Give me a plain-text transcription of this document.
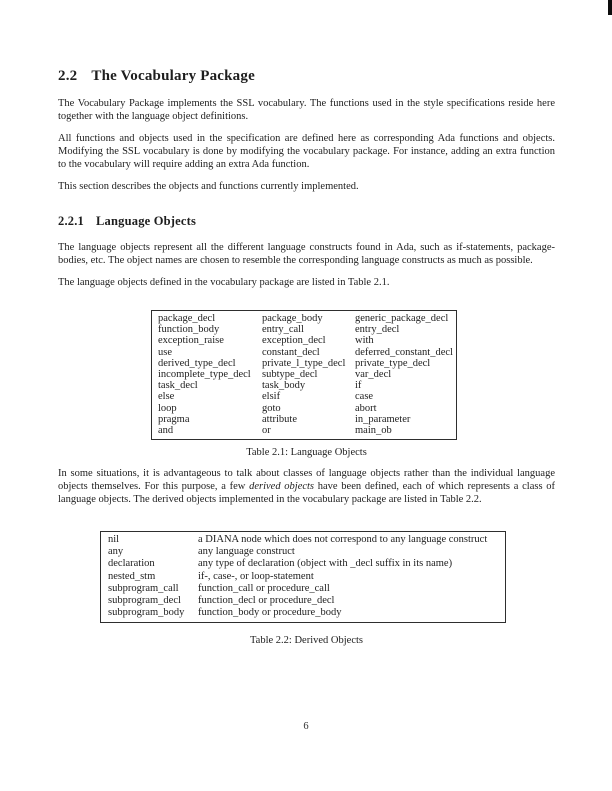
2.2 The Vocabulary Package

The Vocabulary Package implements the SSL vocabulary. The functions used in the style specifications reside here together with the language object definitions.

All functions and objects used in the specification are defined here as corresponding Ada functions and objects. Modifying the SSL vocabulary is done by modifying the vocabulary package. For instance, adding an extra function to the vocabulary will require adding an extra Ada function.

This section describes the objects and functions currently implemented.

2.2.1 Language Objects

The language objects represent all the different language constructs found in Ada, such as if-statements, package-bodies, etc. The object names are chosen to resemble the corresponding language constructs as much as possible.

The language objects defined in the vocabulary package are listed in Table 2.1.

package_decl	package_body	generic_package_decl
function_body	entry_call	entry_decl
exception_raise	exception_decl	with
use	constant_decl	deferred_constant_decl
derived_type_decl	private_l_type_decl private_type_decl
incomplete_type_decl	subtype_decl	var_decl
task_decl	task_body	if
else	elsif	case
loop	goto	abort
pragma	attribute	in_parameter
and	or	main_ob
Table 2.1: Language Objects

In some situations, it is advantageous to talk about classes of language objects rather than the individual language objects themselves. For this purpose, a few derived objects have been defined, each of which represents a class of language objects. The derived objects implemented in the vocabulary package are listed in Table 2.2.

nil	a DIANA node which does not correspond to any language construct
any	any language construct
declaration	any type of declaration (object with _decl suffix in its name)
nested_stm	if-, case-, or loop-statement
subprogram_call	function_call or procedure_call
subprogram_decl	function_decl or procedure_decl
subprogram_body	function_body or procedure_body
Table 2.2: Derived Objects
6
